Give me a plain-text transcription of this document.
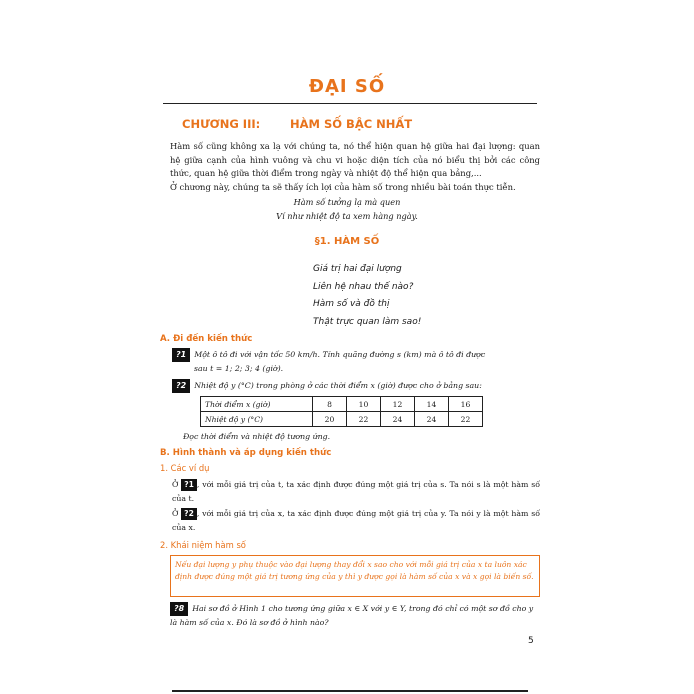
ĐẠI SỐ
CHƯƠNG III:	HÀM SỐ BẬC NHẤT
Hàm số cũng không xa lạ với chúng ta, nó thể hiện quan hệ giữa hai đại lượng: quan hệ giữa cạnh của hình vuông và chu vi hoặc diện tích của nó biểu thị bởi các công thức, quan hệ giữa thời điểm trong ngày và nhiệt độ thể hiện qua bảng,...
Ở chương này, chúng ta sẽ thấy ích lợi của hàm số trong nhiều bài toán thực tiễn.
Hàm số tưởng lạ mà quen
Ví như nhiệt độ ta xem hàng ngày.
§1. HÀM SỐ
Giá trị hai đại lượng
Liên hệ nhau thế nào?
Hàm số và đồ thị
Thật trực quan làm sao!
A. Đi đến kiến thức
?1 Một ô tô đi với vận tốc 50 km/h. Tính quãng đường s (km) mà ô tô đi được
sau t = 1; 2; 3; 4 (giờ).
?2 Nhiệt độ y (°C) trong phòng ở các thời điểm x (giờ) được cho ở bảng sau:
Thời điểm x (giờ)	8	10	12	14	16
Nhiệt độ y (°C)	20	22	24	24	22
Đọc thời điểm và nhiệt độ tương ứng.
B. Hình thành và áp dụng kiến thức
1. Các ví dụ
Ở ?1 , với mỗi giá trị của t, ta xác định được đúng một giá trị của s. Ta nói s là một hàm số của t.
Ở ?2 , với mỗi giá trị của x, ta xác định được đúng một giá trị của y. Ta nói y là một hàm số của x.
2. Khái niệm hàm số
Nếu đại lượng y phụ thuộc vào đại lượng thay đổi x sao cho với mỗi giá trị của x ta luôn xác định được đúng một giá trị tương ứng của y thì y được gọi là hàm số của x và x gọi là biến số.
?8 Hai sơ đồ ở Hình 1 cho tương ứng giữa x ∈ X với y ∈ Y, trong đó chỉ có một sơ đồ cho y là hàm số của x. Đó là sơ đồ ở hình nào?
5
